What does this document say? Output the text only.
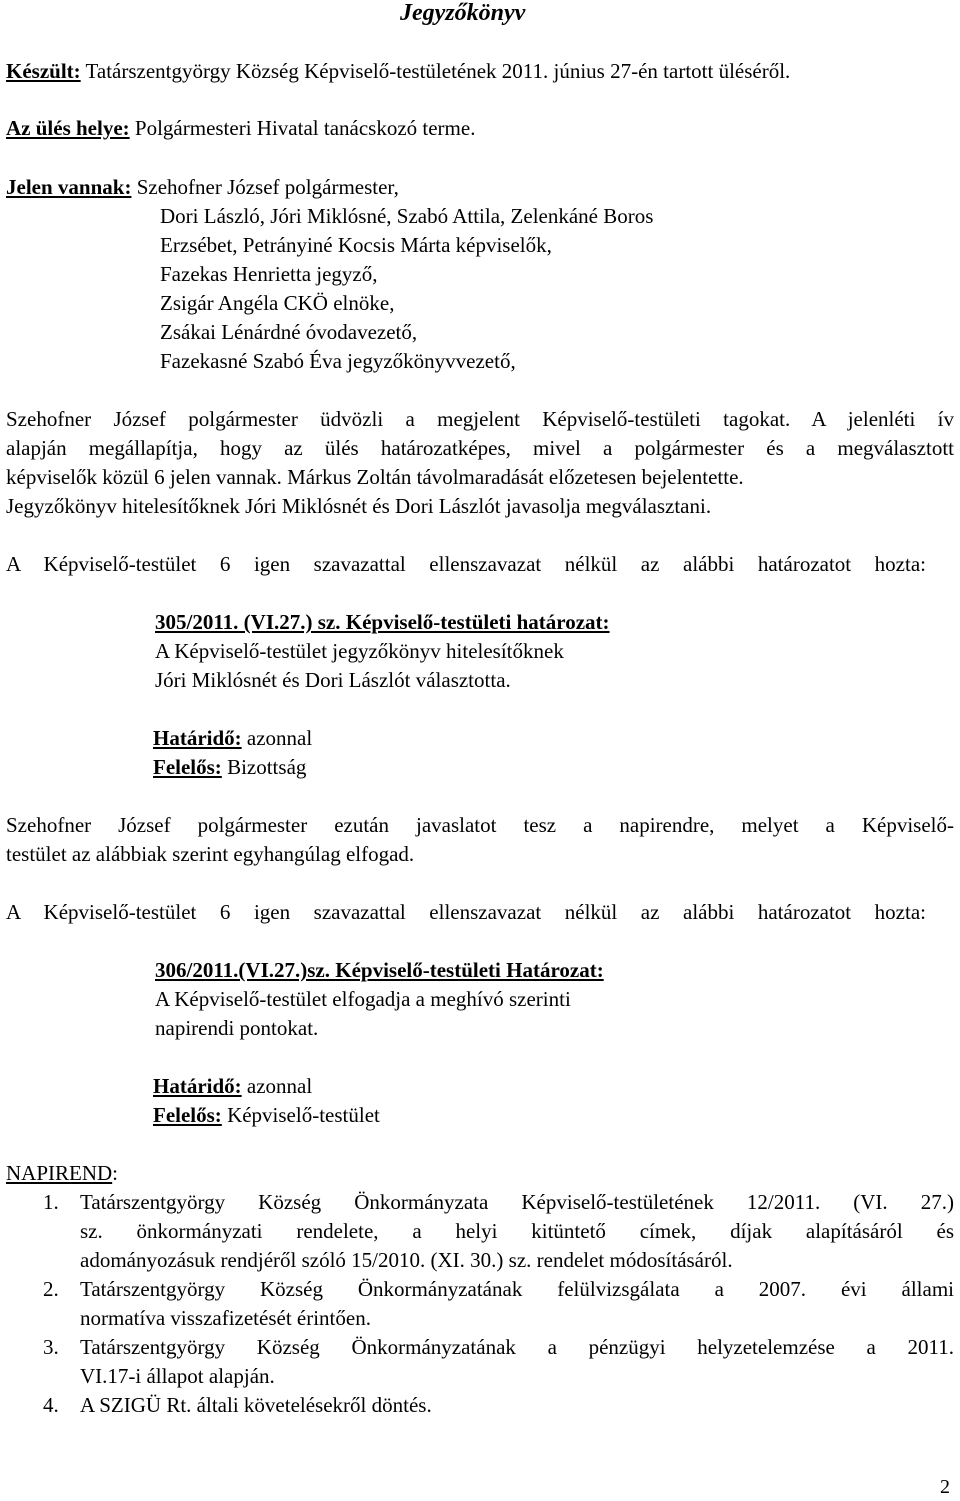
Jegyzőkönyv
Készült: Tatárszentgyörgy Község Képviselő-testületének 2011. június 27-én tartott üléséről.
Az ülés helye: Polgármesteri Hivatal tanácskozó terme.
Jelen vannak: Szehofner József polgármester,
Dori László, Jóri Miklósné, Szabó Attila, Zelenkáné Boros
Erzsébet, Petrányiné Kocsis Márta képviselők,
Fazekas Henrietta jegyző,
Zsigár Angéla CKÖ elnöke,
Zsákai Lénárdné óvodavezető,
Fazekasné Szabó Éva jegyzőkönyvvezető,
Szehofner József polgármester üdvözli a megjelent Képviselő-testületi tagokat. A jelenléti ív
alapján megállapítja, hogy az ülés határozatképes, mivel a polgármester és a megválasztott
képviselők közül 6 jelen vannak. Márkus Zoltán távolmaradását előzetesen bejelentette.
Jegyzőkönyv hitelesítőknek Jóri Miklósnét és Dori Lászlót javasolja megválasztani.
A Képviselő-testület 6 igen szavazattal ellenszavazat nélkül az alábbi határozatot hozta:
305/2011. (VI.27.) sz. Képviselő-testületi határozat:
A Képviselő-testület jegyzőkönyv hitelesítőknek
Jóri Miklósnét és Dori Lászlót választotta.
Határidő: azonnal
Felelős: Bizottság
Szehofner József polgármester ezután javaslatot tesz a napirendre, melyet a Képviselő-
testület az alábbiak szerint egyhangúlag elfogad.
A Képviselő-testület 6 igen szavazattal ellenszavazat nélkül az alábbi határozatot hozta:
306/2011.(VI.27.)sz. Képviselő-testületi Határozat:
A Képviselő-testület elfogadja a meghívó szerinti
napirendi pontokat.
Határidő: azonnal
Felelős: Képviselő-testület
NAPIREND:
1. Tatárszentgyörgy Község Önkormányzata Képviselő-testületének 12/2011. (VI. 27.)
sz. önkormányzati rendelete, a helyi kitüntető címek, díjak alapításáról és
adományozásuk rendjéről szóló 15/2010. (XI. 30.) sz. rendelet módosításáról.
2. Tatárszentgyörgy Község Önkormányzatának felülvizsgálata a 2007. évi állami
normatíva visszafizetését érintően.
3. Tatárszentgyörgy Község Önkormányzatának a pénzügyi helyzetelemzése a 2011.
VI.17-i állapot alapján.
4. A SZIGÜ Rt. általi követelésekről döntés.
2
